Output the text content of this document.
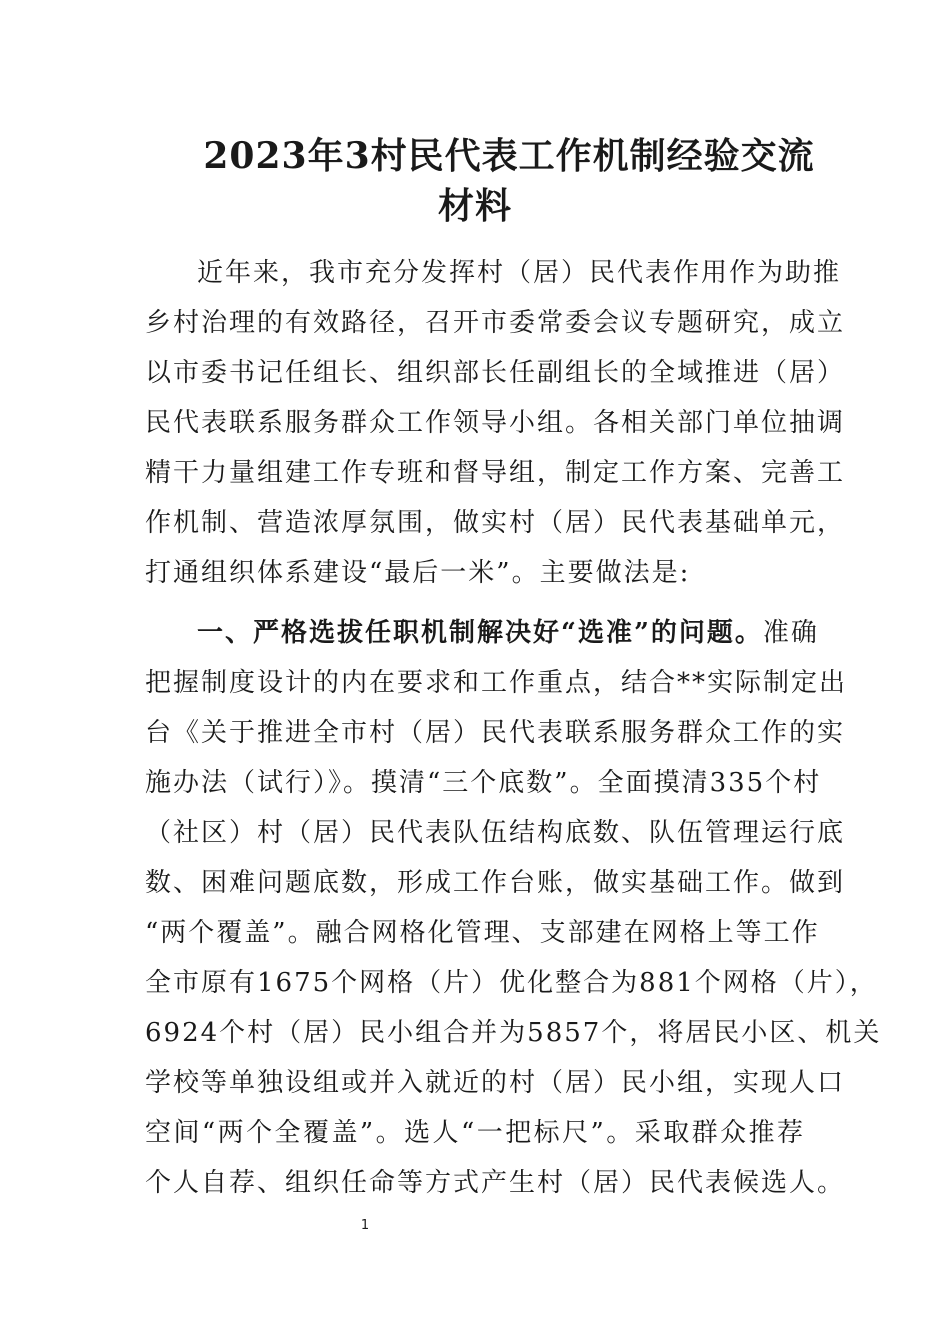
2023年3村民代表工作机制经验交流
材料
近年来，我市充分发挥村（居）民代表作用作为助推
乡村治理的有效路径，召开市委常委会议专题研究，成立
以市委书记任组长、组织部长任副组长的全域推进（居）
民代表联系服务群众工作领导小组。各相关部门单位抽调
精干力量组建工作专班和督导组，制定工作方案、完善工
作机制、营造浓厚氛围，做实村（居）民代表基础单元，
打通组织体系建设“最后一米”。主要做法是:
一、严格选拔任职机制解决好“选准”的问题。准确
把握制度设计的内在要求和工作重点，结合**实际制定出
台《关于推进全市村（居）民代表联系服务群众工作的实
施办法（试行）》。摸清“三个底数”。全面摸清335个村
（社区）村（居）民代表队伍结构底数、队伍管理运行底
数、困难问题底数，形成工作台账，做实基础工作。做到
“两个覆盖”。融合网格化管理、支部建在网格上等工作
全市原有1675个网格（片）优化整合为881个网格（片），
6924个村（居）民小组合并为5857个，将居民小区、机关
学校等单独设组或并入就近的村（居）民小组，实现人口
空间“两个全覆盖”。选人“一把标尺”。采取群众推荐
个人自荐、组织任命等方式产生村（居）民代表候选人。
1
